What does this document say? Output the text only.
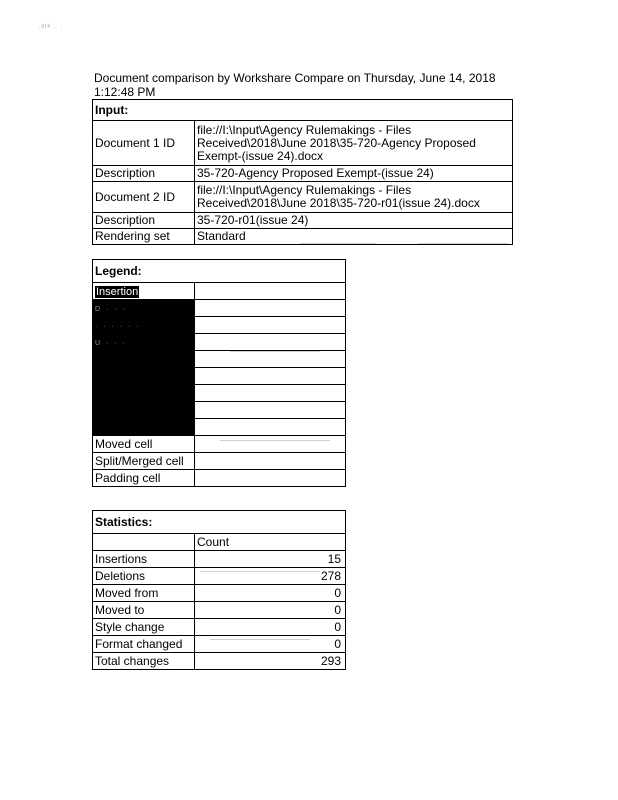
·ᵃᵗᵏ · ·
Document comparison by Workshare Compare on Thursday, June 14, 2018
1:12:48 PM
Input:	
Document 1 ID	file://I:\Input\Agency Rulemakings - Files
Received\2018\June 2018\35-720-Agency Proposed
Exempt-(issue 24).docx

Description	35-720-Agency Proposed Exempt-(issue 24)
Document 2 ID	file://I:\Input\Agency Rulemakings - Files
Received\2018\June 2018\35-720-r01(issue 24).docx

Description	35-720-r01(issue 24)
Rendering set	Standard
Legend:	
Insertion	
D · · ·	
· · · · · ·	
U · · ·	

Moved cell	
Split/Merged cell	
Padding cell	
Statistics:	
	Count
Insertions	15
Deletions	278
Moved from	0
Moved to	0
Style change	0
Format changed	0
Total changes	293
